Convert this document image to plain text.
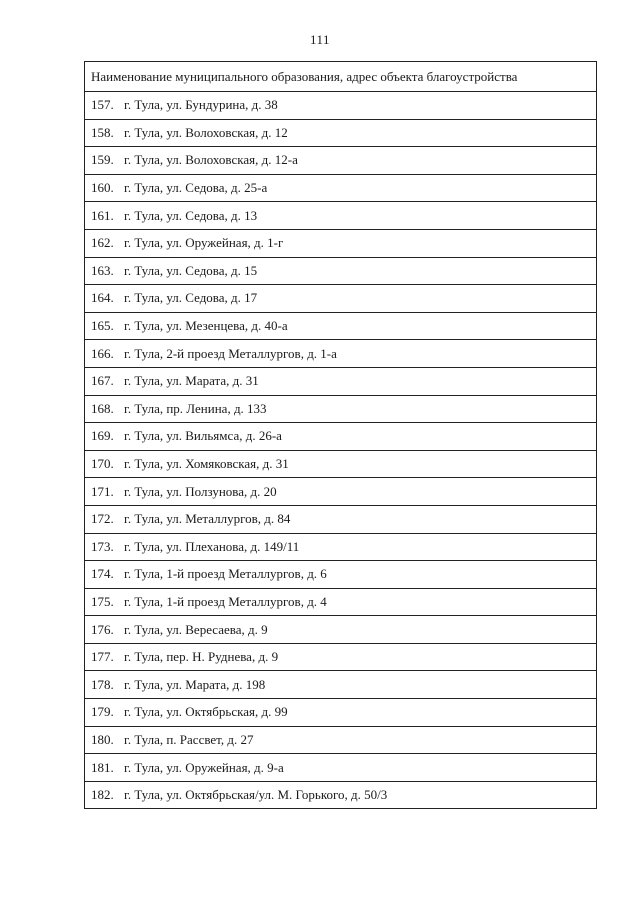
111
Наименование муниципального образования, адрес объекта благоустройства
157. г. Тула, ул. Бундурина, д. 38
158. г. Тула, ул. Волоховская, д. 12
159. г. Тула, ул. Волоховская, д. 12-а
160. г. Тула, ул. Седова, д. 25-а
161. г. Тула, ул. Седова, д. 13
162. г. Тула, ул. Оружейная, д. 1-г
163. г. Тула, ул. Седова, д. 15
164. г. Тула, ул. Седова, д. 17
165. г. Тула, ул. Мезенцева, д. 40-а
166. г. Тула, 2-й проезд Металлургов, д. 1-а
167. г. Тула, ул. Марата, д. 31
168. г. Тула, пр. Ленина, д. 133
169. г. Тула, ул. Вильямса, д. 26-а
170. г. Тула, ул. Хомяковская, д. 31
171. г. Тула, ул. Ползунова, д. 20
172. г. Тула, ул. Металлургов, д. 84
173. г. Тула, ул. Плеханова, д. 149/11
174. г. Тула, 1-й проезд Металлургов, д. 6
175. г. Тула, 1-й проезд Металлургов, д. 4
176. г. Тула, ул. Вересаева, д. 9
177. г. Тула, пер. Н. Руднева, д. 9
178. г. Тула, ул. Марата, д. 198
179. г. Тула, ул. Октябрьская, д. 99
180. г. Тула, п. Рассвет, д. 27
181. г. Тула, ул. Оружейная, д. 9-а
182. г. Тула, ул. Октябрьская/ул. М. Горького, д. 50/3
